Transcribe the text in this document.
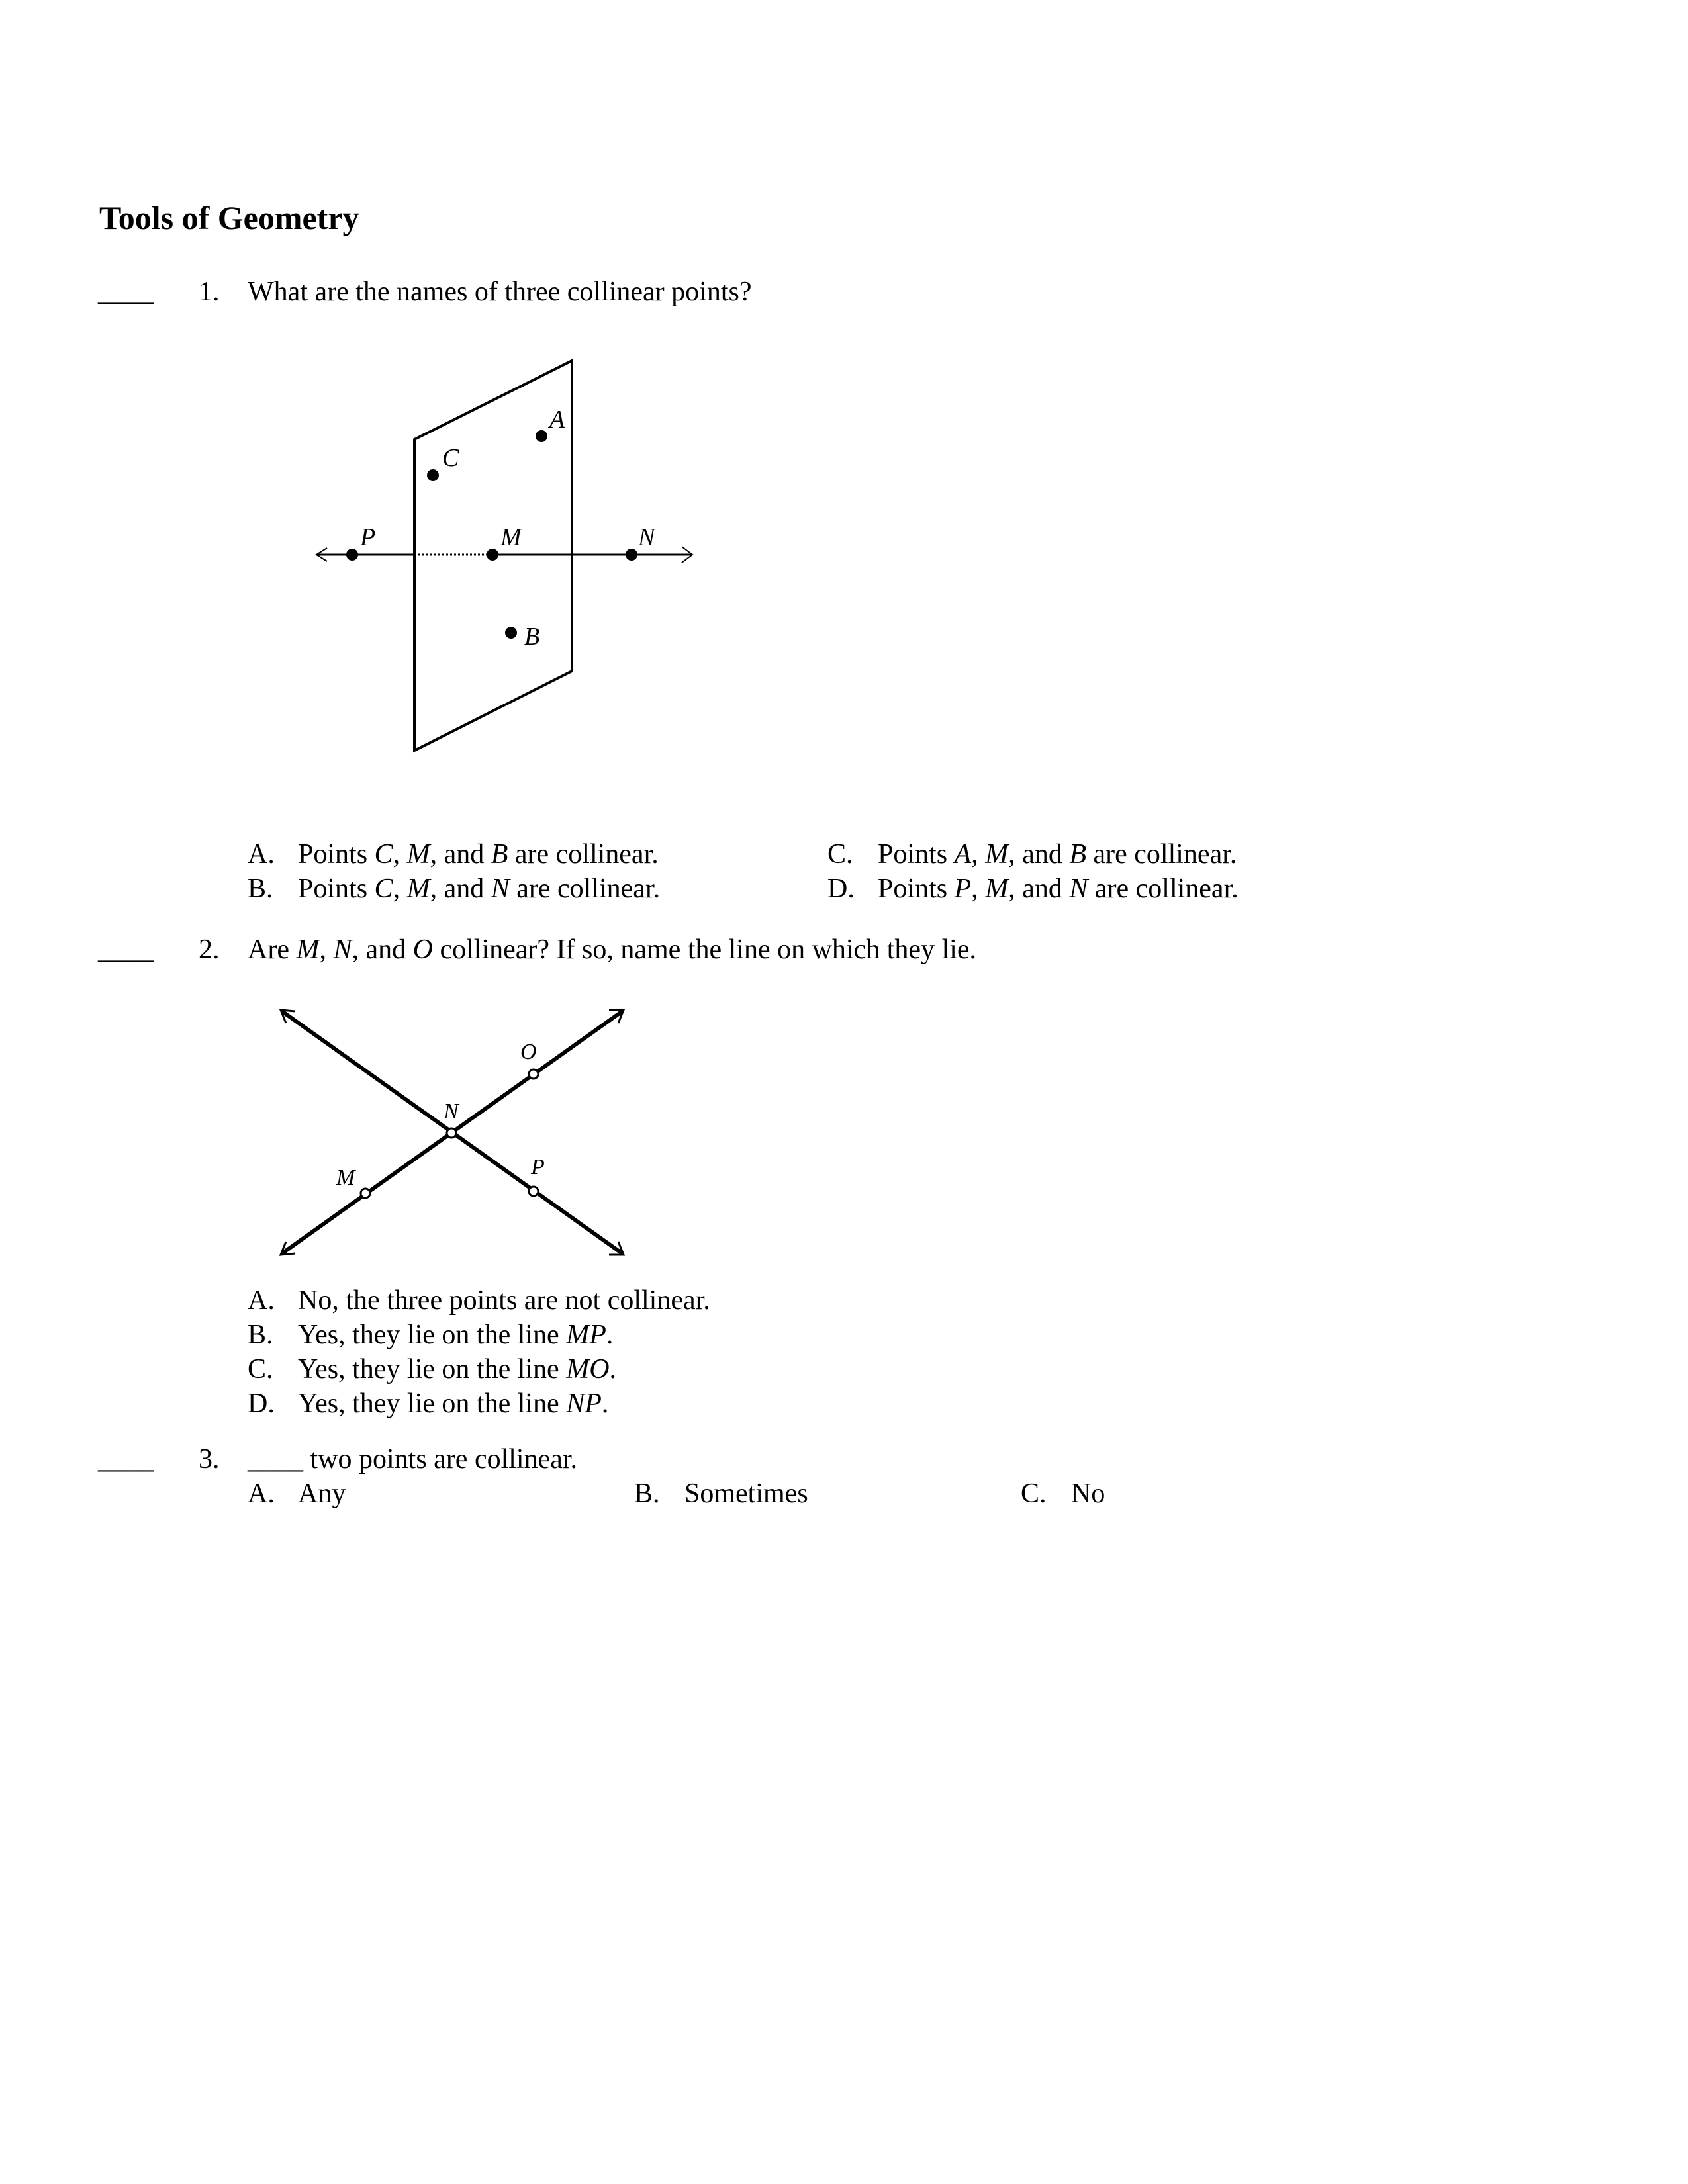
Tools of Geometry
____ 1. What are the names of three collinear points?
A
C
P	M	N
B
O
N
M	P
A. Points C, M, and B are collinear.
B. Points C, M, and N are collinear.
C. Points A, M, and B are collinear.
D. Points P, M, and N are collinear.
____ 2. Are M, N, and O collinear? If so, name the line on which they lie.
A. No, the three points are not collinear.
B. Yes, they lie on the line MP.
C. Yes, they lie on the line MO.
D. Yes, they lie on the line NP.
____ 3. ____ two points are collinear.
A. Any	B. Sometimes	C. No
